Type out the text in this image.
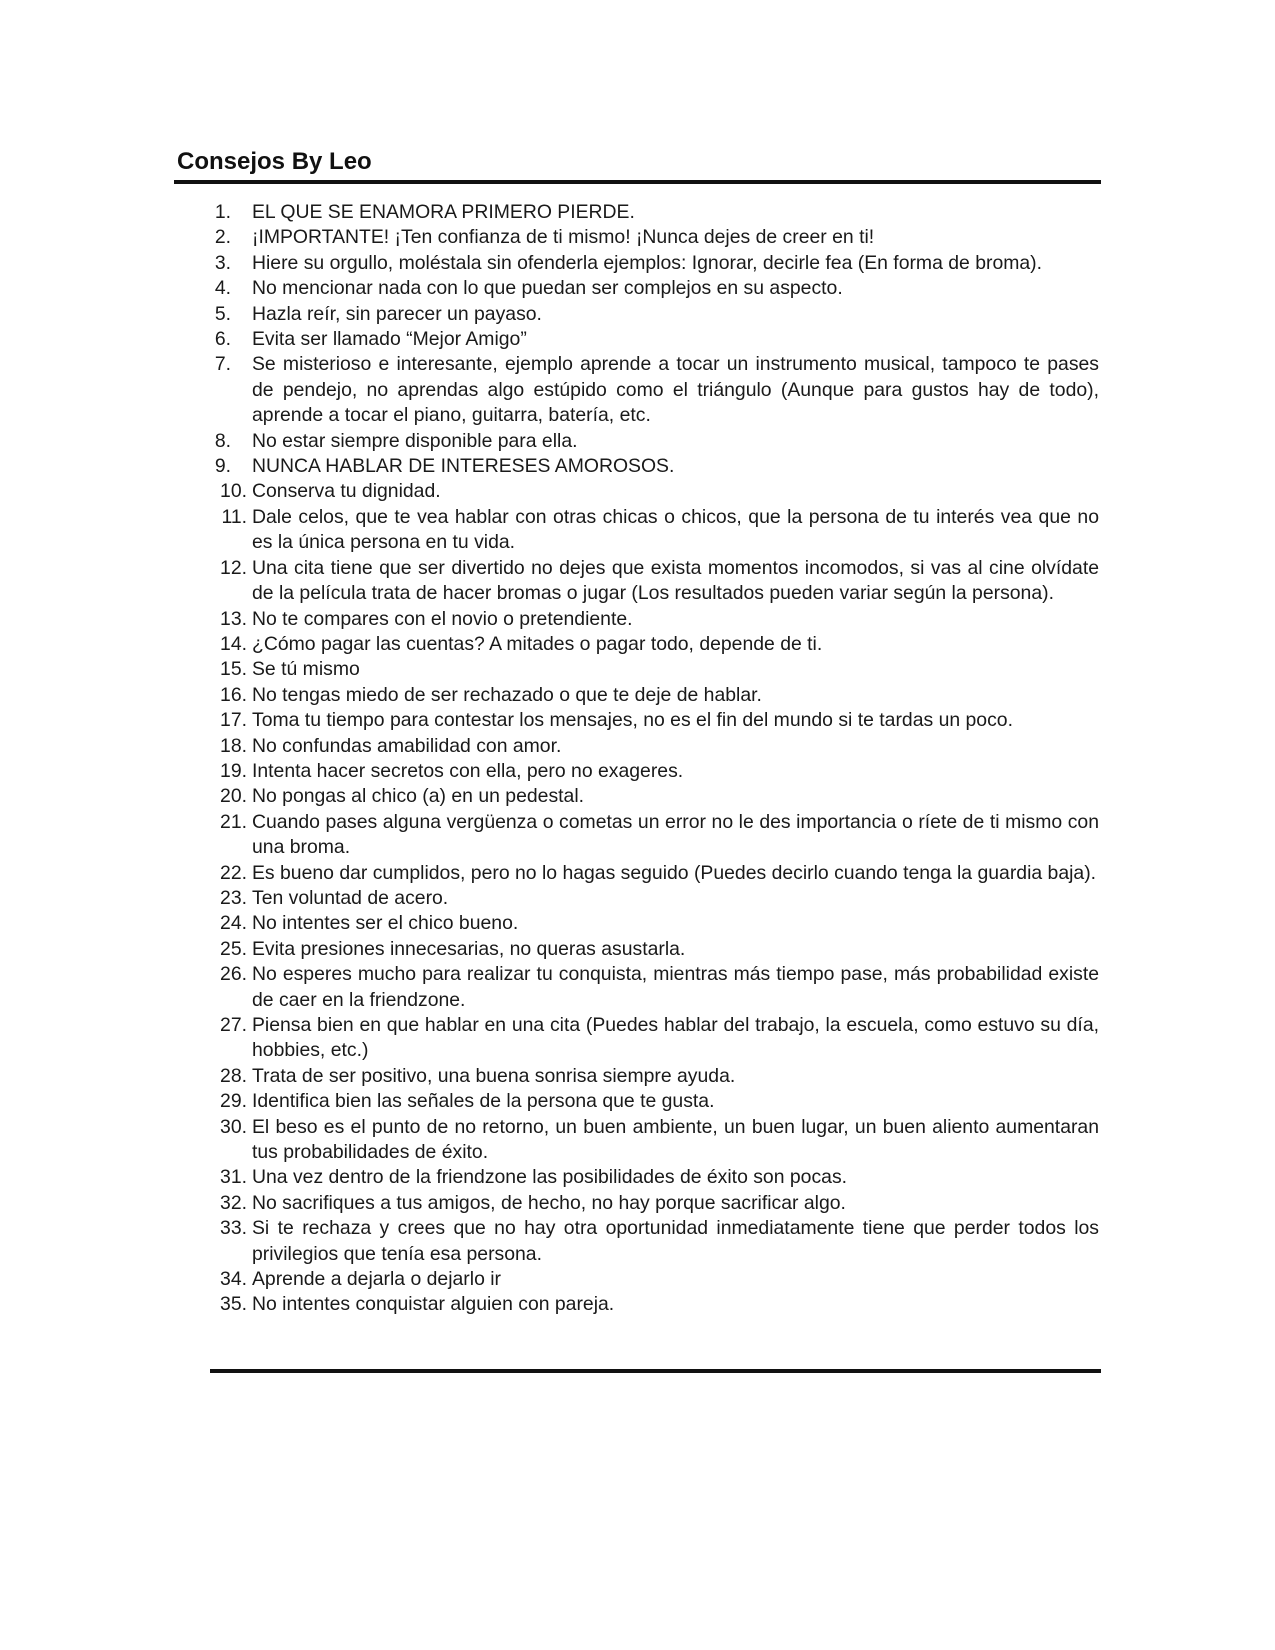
Consejos By Leo
1. EL QUE SE ENAMORA PRIMERO PIERDE.
2. ¡IMPORTANTE! ¡Ten confianza de ti mismo! ¡Nunca dejes de creer en ti!
3. Hiere su orgullo, moléstala sin ofenderla ejemplos: Ignorar, decirle fea (En forma de broma).
4. No mencionar nada con lo que puedan ser complejos en su aspecto.
5. Hazla reír, sin parecer un payaso.
6. Evita ser llamado “Mejor Amigo”
7. Se misterioso e interesante, ejemplo aprende a tocar un instrumento musical, tampoco te pases de pendejo, no aprendas algo estúpido como el triángulo (Aunque para gustos hay de todo), aprende a tocar el piano, guitarra, batería, etc.
8. No estar siempre disponible para ella.
9. NUNCA HABLAR DE INTERESES AMOROSOS.
10. Conserva tu dignidad.
11. Dale celos, que te vea hablar con otras chicas o chicos, que la persona de tu interés vea que no es la única persona en tu vida.
12. Una cita tiene que ser divertido no dejes que exista momentos incomodos, si vas al cine olvídate de la película trata de hacer bromas o jugar (Los resultados pueden variar según la persona).
13. No te compares con el novio o pretendiente.
14. ¿Cómo pagar las cuentas? A mitades o pagar todo, depende de ti.
15. Se tú mismo
16. No tengas miedo de ser rechazado o que te deje de hablar.
17. Toma tu tiempo para contestar los mensajes, no es el fin del mundo si te tardas un poco.
18. No confundas amabilidad con amor.
19. Intenta hacer secretos con ella, pero no exageres.
20. No pongas al chico (a) en un pedestal.
21. Cuando pases alguna vergüenza o cometas un error no le des importancia o ríete de ti mismo con una broma.
22. Es bueno dar cumplidos, pero no lo hagas seguido (Puedes decirlo cuando tenga la guardia baja).
23. Ten voluntad de acero.
24. No intentes ser el chico bueno.
25. Evita presiones innecesarias, no queras asustarla.
26. No esperes mucho para realizar tu conquista, mientras más tiempo pase, más probabilidad existe de caer en la friendzone.
27. Piensa bien en que hablar en una cita (Puedes hablar del trabajo, la escuela, como estuvo su día, hobbies, etc.)
28. Trata de ser positivo, una buena sonrisa siempre ayuda.
29. Identifica bien las señales de la persona que te gusta.
30. El beso es el punto de no retorno, un buen ambiente, un buen lugar, un buen aliento aumentaran tus probabilidades de éxito.
31. Una vez dentro de la friendzone las posibilidades de éxito son pocas.
32. No sacrifiques a tus amigos, de hecho, no hay porque sacrificar algo.
33. Si te rechaza y crees que no hay otra oportunidad inmediatamente tiene que perder todos los privilegios que tenía esa persona.
34. Aprende a dejarla o dejarlo ir
35. No intentes conquistar alguien con pareja.
